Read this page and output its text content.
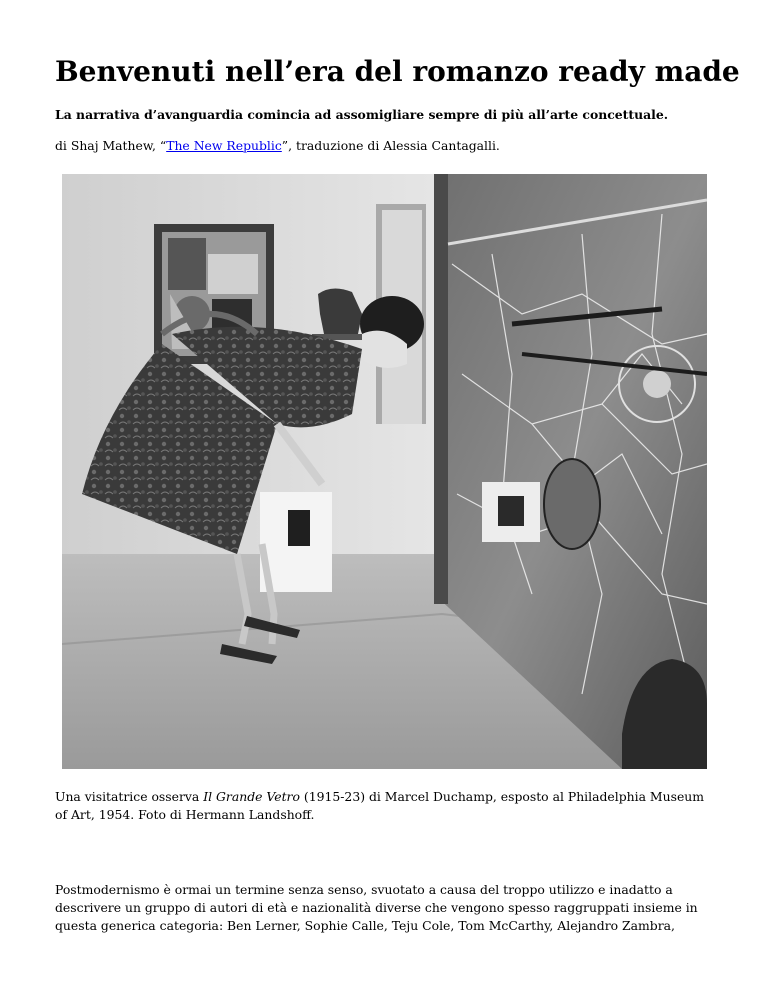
Benvenuti nell’era del romanzo ready made

La narrativa d’avanguardia comincia ad assomigliare sempre di più all’arte concettuale.

di Shaj Mathew, “The New Republic”, traduzione di Alessia Cantagalli.

Una visitatrice osserva Il Grande Vetro (1915-23) di Marcel Duchamp, esposto al Philadelphia Museum of Art, 1954. Foto di Hermann Landshoff.

Postmodernismo è ormai un termine senza senso, svuotato a causa del troppo utilizzo e inadatto a descrivere un gruppo di autori di età e nazionalità diverse che vengono spesso raggruppati insieme in questa generica categoria: Ben Lerner, Sophie Calle, Teju Cole, Tom McCarthy, Alejandro Zambra,
